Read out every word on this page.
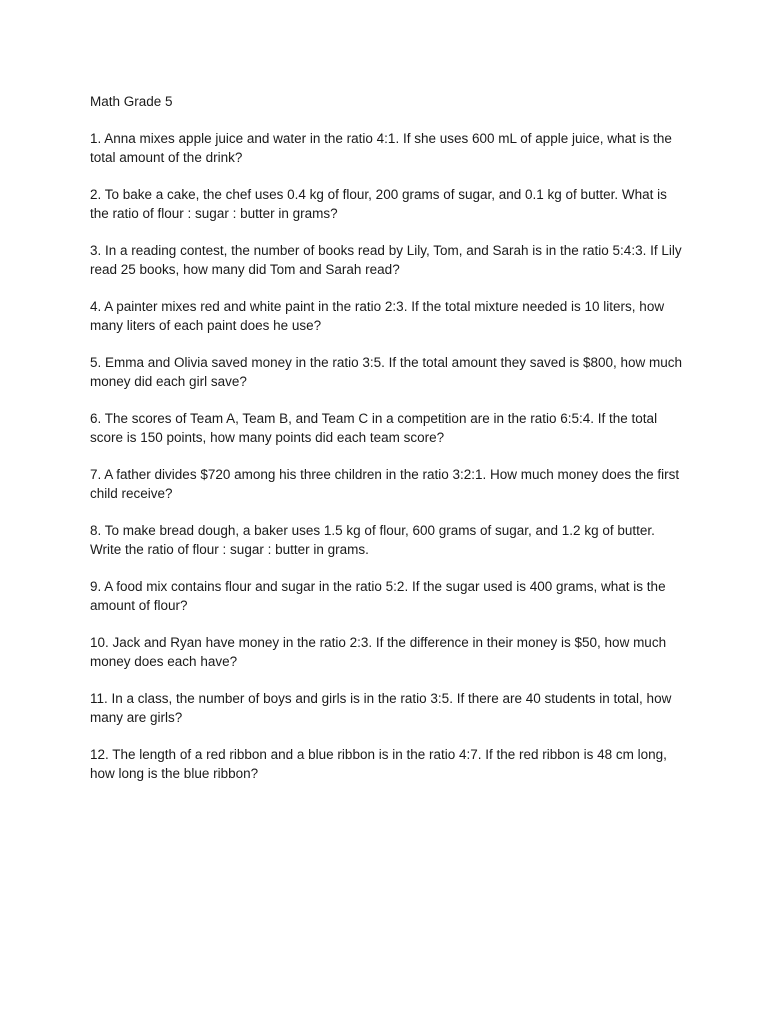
Math Grade 5
1. Anna mixes apple juice and water in the ratio 4:1. If she uses 600 mL of apple juice, what is the total amount of the drink?
2. To bake a cake, the chef uses 0.4 kg of flour, 200 grams of sugar, and 0.1 kg of butter. What is the ratio of flour : sugar : butter in grams?
3. In a reading contest, the number of books read by Lily, Tom, and Sarah is in the ratio 5:4:3. If Lily read 25 books, how many did Tom and Sarah read?
4. A painter mixes red and white paint in the ratio 2:3. If the total mixture needed is 10 liters, how many liters of each paint does he use?
5. Emma and Olivia saved money in the ratio 3:5. If the total amount they saved is $800, how much money did each girl save?
6. The scores of Team A, Team B, and Team C in a competition are in the ratio 6:5:4. If the total score is 150 points, how many points did each team score?
7. A father divides $720 among his three children in the ratio 3:2:1. How much money does the first child receive?
8. To make bread dough, a baker uses 1.5 kg of flour, 600 grams of sugar, and 1.2 kg of butter. Write the ratio of flour : sugar : butter in grams.
9. A food mix contains flour and sugar in the ratio 5:2. If the sugar used is 400 grams, what is the amount of flour?
10. Jack and Ryan have money in the ratio 2:3. If the difference in their money is $50, how much money does each have?
11. In a class, the number of boys and girls is in the ratio 3:5. If there are 40 students in total, how many are girls?
12. The length of a red ribbon and a blue ribbon is in the ratio 4:7. If the red ribbon is 48 cm long, how long is the blue ribbon?
